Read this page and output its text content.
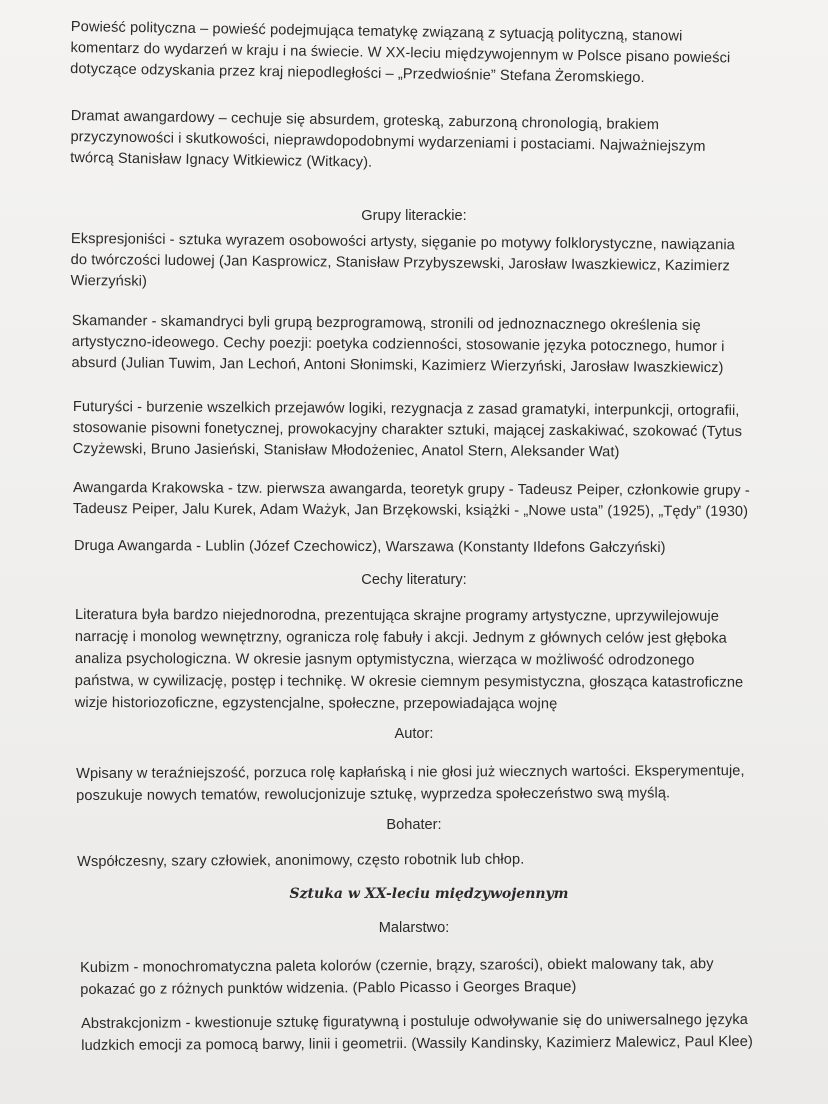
Powieść polityczna – powieść podejmująca tematykę związaną z sytuacją polityczną, stanowi

komentarz do wydarzeń w kraju i na świecie. W XX-leciu międzywojennym w Polsce pisano powieści

dotyczące odzyskania przez kraj niepodległości – „Przedwiośnie” Stefana Żeromskiego.

Dramat awangardowy – cechuje się absurdem, groteską, zaburzoną chronologią, brakiem

przyczynowości i skutkowości, nieprawdopodobnymi wydarzeniami i postaciami. Najważniejszym

twórcą Stanisław Ignacy Witkiewicz (Witkacy).

Grupy literackie:

Ekspresjoniści - sztuka wyrazem osobowości artysty, sięganie po motywy folklorystyczne, nawiązania

do twórczości ludowej (Jan Kasprowicz, Stanisław Przybyszewski, Jarosław Iwaszkiewicz, Kazimierz

Wierzyński)

Skamander - skamandryci byli grupą bezprogramową, stronili od jednoznacznego określenia się

artystyczno-ideowego. Cechy poezji: poetyka codzienności, stosowanie języka potocznego, humor i

absurd (Julian Tuwim, Jan Lechoń, Antoni Słonimski, Kazimierz Wierzyński, Jarosław Iwaszkiewicz)

Futuryści - burzenie wszelkich przejawów logiki, rezygnacja z zasad gramatyki, interpunkcji, ortografii,

stosowanie pisowni fonetycznej, prowokacyjny charakter sztuki, mającej zaskakiwać, szokować (Tytus

Czyżewski, Bruno Jasieński, Stanisław Młodożeniec, Anatol Stern, Aleksander Wat)

Awangarda Krakowska - tzw. pierwsza awangarda, teoretyk grupy - Tadeusz Peiper, członkowie grupy -

Tadeusz Peiper, Jalu Kurek, Adam Ważyk, Jan Brzękowski, książki - „Nowe usta” (1925), „Tędy” (1930)

Druga Awangarda - Lublin (Józef Czechowicz), Warszawa (Konstanty Ildefons Gałczyński)

Cechy literatury:

Literatura była bardzo niejednorodna, prezentująca skrajne programy artystyczne, uprzywilejowuje

narrację i monolog wewnętrzny, ogranicza rolę fabuły i akcji. Jednym z głównych celów jest głęboka

analiza psychologiczna. W okresie jasnym optymistyczna, wierząca w możliwość odrodzonego

państwa, w cywilizację, postęp i technikę. W okresie ciemnym pesymistyczna, głosząca katastroficzne

wizje historiozoficzne, egzystencjalne, społeczne, przepowiadająca wojnę

Autor:

Wpisany w teraźniejszość, porzuca rolę kapłańską i nie głosi już wiecznych wartości. Eksperymentuje,

poszukuje nowych tematów, rewolucjonizuje sztukę, wyprzedza społeczeństwo swą myślą.

Bohater:

Współczesny, szary człowiek, anonimowy, często robotnik lub chłop.

Sztuka w XX-leciu międzywojennym
Malarstwo:

Kubizm - monochromatyczna paleta kolorów (czernie, brązy, szarości), obiekt malowany tak, aby

pokazać go z różnych punktów widzenia. (Pablo Picasso i Georges Braque)

Abstrakcjonizm - kwestionuje sztukę figuratywną i postuluje odwoływanie się do uniwersalnego języka

ludzkich emocji za pomocą barwy, linii i geometrii. (Wassily Kandinsky, Kazimierz Malewicz, Paul Klee)
